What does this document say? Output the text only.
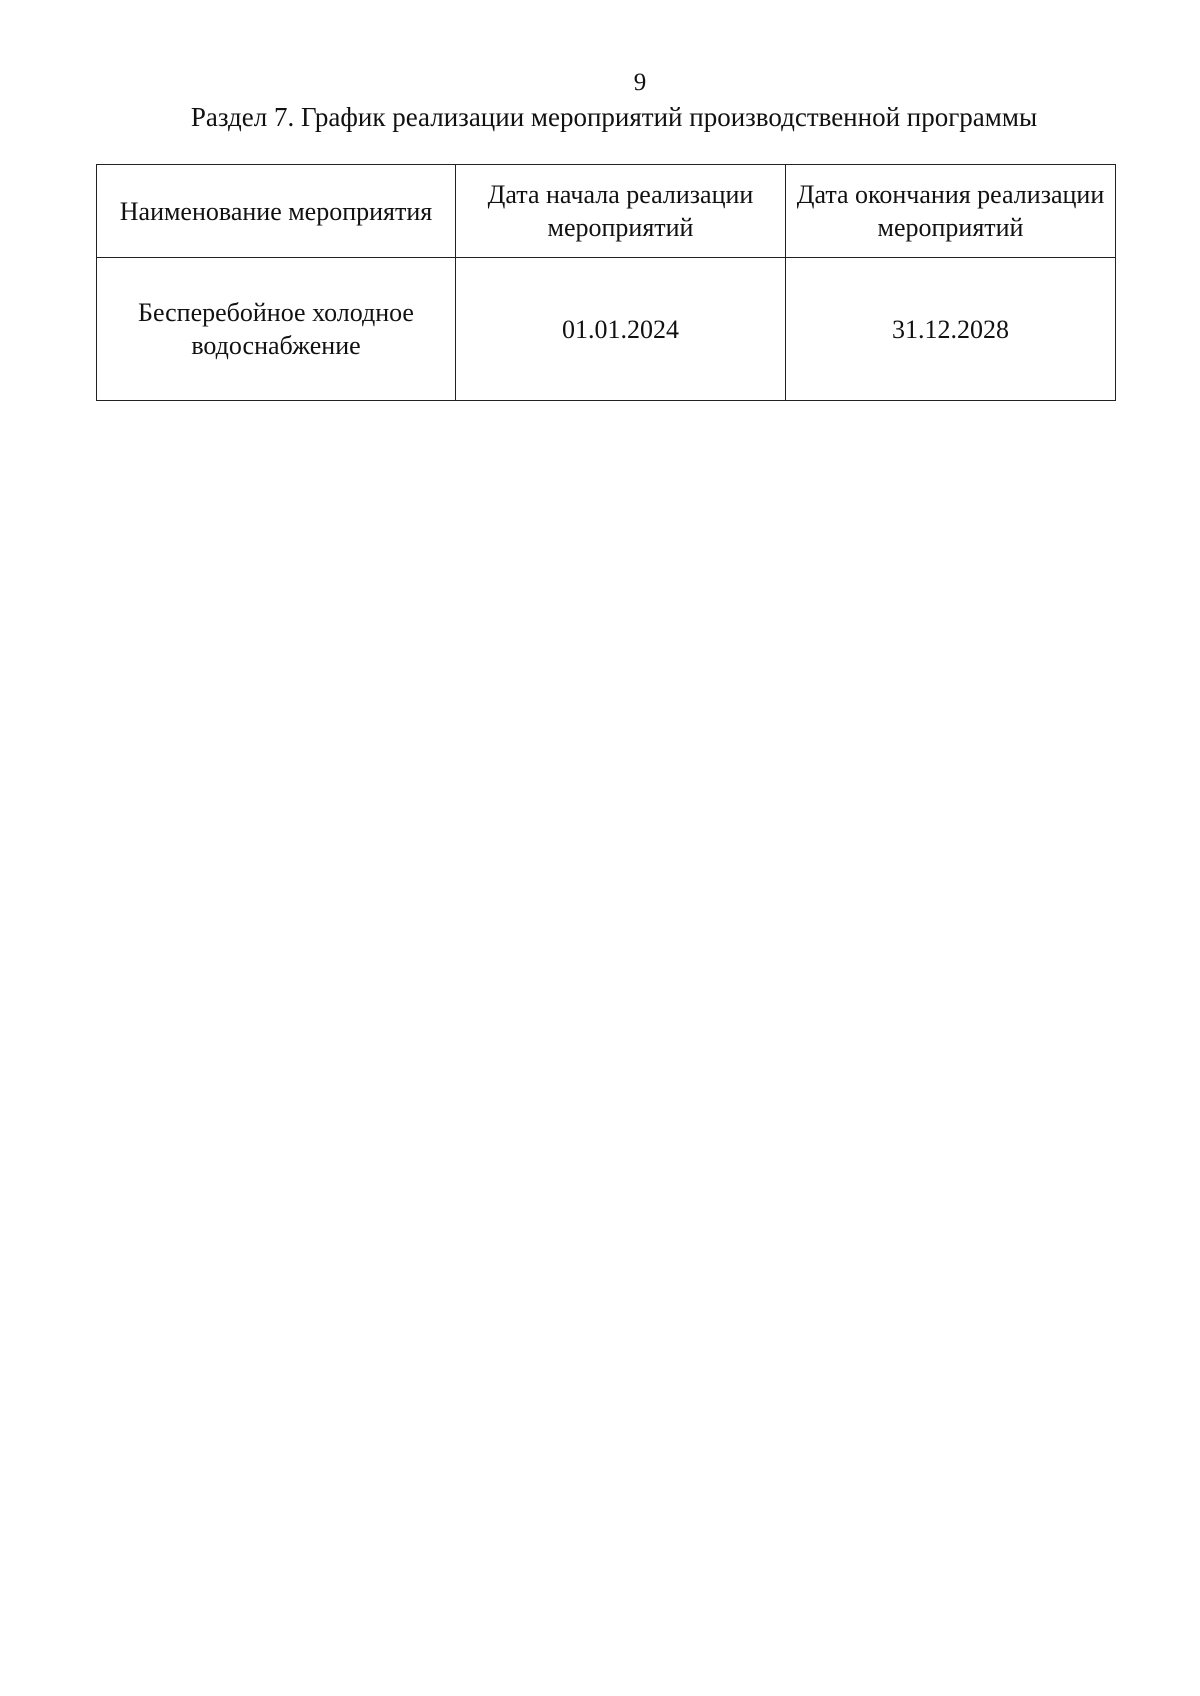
9
Раздел 7. График реализации мероприятий производственной программы
Наименование мероприятия	Дата начала реализации мероприятий	Дата окончания реализации мероприятий

Бесперебойное холодное водоснабжение	01.01.2024	31.12.2028
